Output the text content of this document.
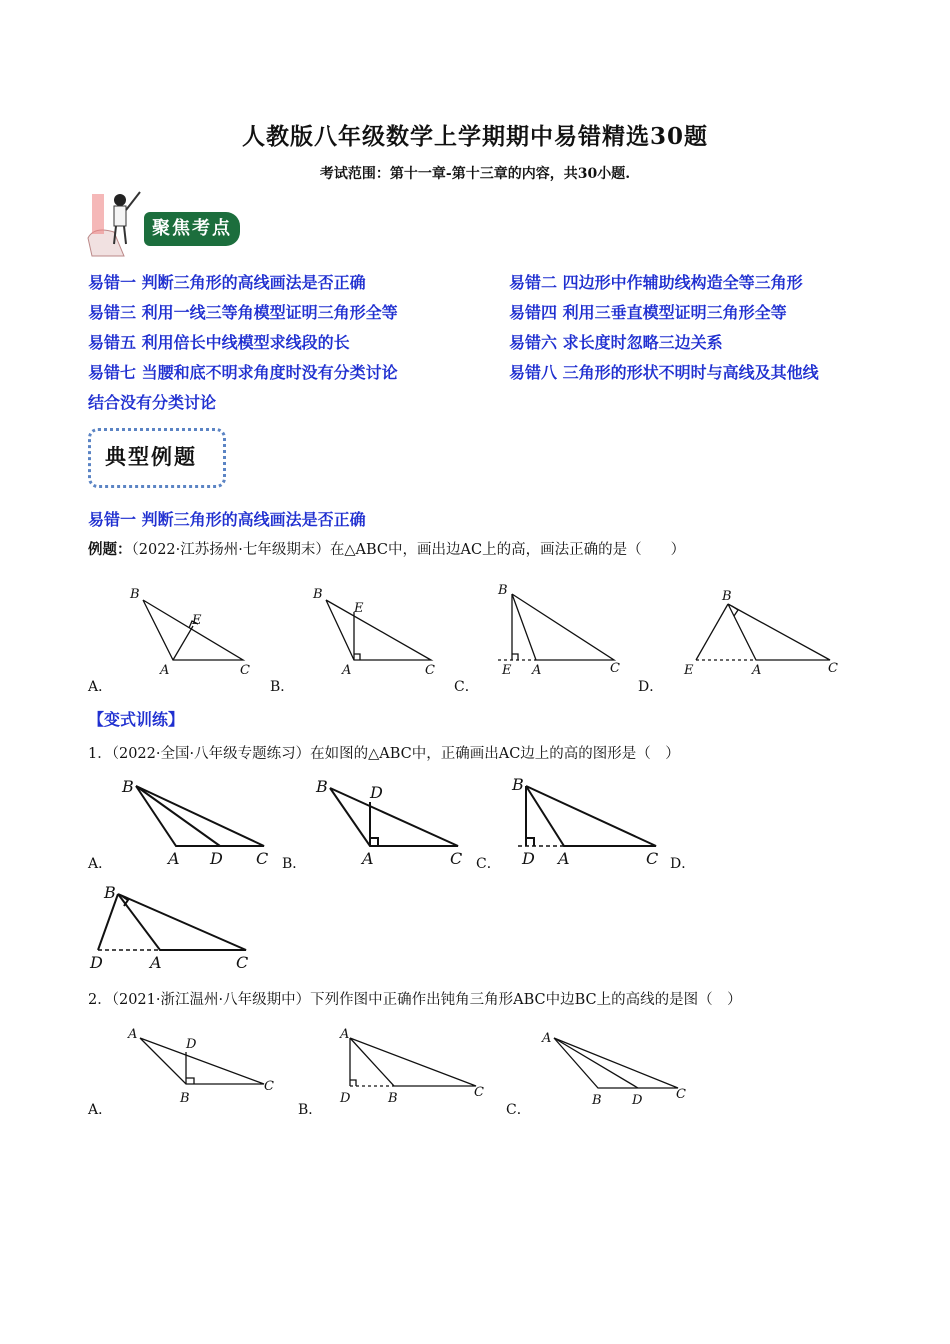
人教版八年级数学上学期期中易错精选30题
考试范围：第十一章-第十三章的内容，共30小题.
聚焦考点
易错一 判断三角形的高线画法是否正确	易错二 四边形中作辅助线构造全等三角形
易错三 利用一线三等角模型证明三角形全等	易错四 利用三垂直模型证明三角形全等
易错五 利用倍长中线模型求线段的长	易错六 求长度时忽略三边关系
易错七 当腰和底不明求角度时没有分类讨论	易错八 三角形的形状不明时与高线及其他线
结合没有分类讨论
典型例题
易错一 判断三角形的高线画法是否正确
例题：（2022·江苏扬州·七年级期末）在△ABC中，画出边AC上的高，画法正确的是（　　）
B
E
A	C
B
E
A	C
B
E A	C
B
E	A	C
A．	B．	C．	D．
【变式训练】
1．（2022·全国·八年级专题练习）在如图的△ABC中，正确画出AC边上的高的图形是（　）
B
A D C
B	D
A	C
B
D A	C
B
D	A	C
A．	B．	C．	D．
2．（2021·浙江温州·八年级期中）下列作图中正确作出钝角三角形ABC中边BC上的高线的是图（　）
A
D
B
C
A
D	B	C
A
B D	C
A．	B．	C．
